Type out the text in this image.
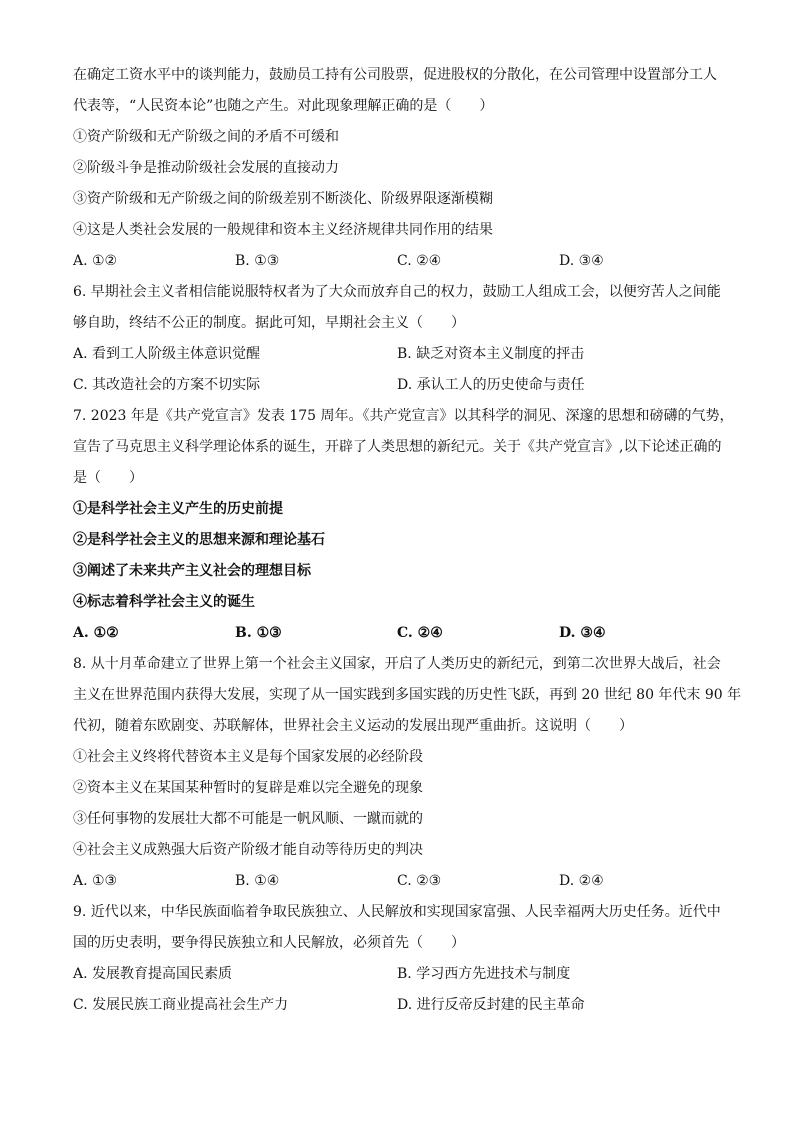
在确定工资水平中的谈判能力，鼓励员工持有公司股票，促进股权的分散化，在公司管理中设置部分工人
代表等，“人民资本论”也随之产生。对此现象理解正确的是（　　）
①资产阶级和无产阶级之间的矛盾不可缓和
②阶级斗争是推动阶级社会发展的直接动力
③资产阶级和无产阶级之间的阶级差别不断淡化、阶级界限逐渐模糊
④这是人类社会发展的一般规律和资本主义经济规律共同作用的结果
A. ①②	B. ①③	C. ②④	D. ③④
6. 早期社会主义者相信能说服特权者为了大众而放弃自己的权力，鼓励工人组成工会，以便穷苦人之间能
够自助，终结不公正的制度。据此可知，早期社会主义（　　）
A. 看到工人阶级主体意识觉醒	B. 缺乏对资本主义制度的抨击
C. 其改造社会的方案不切实际	D. 承认工人的历史使命与责任
7. 2023 年是《共产党宣言》发表 175 周年。《共产党宣言》以其科学的洞见、深邃的思想和磅礴的气势，
宣告了马克思主义科学理论体系的诞生，开辟了人类思想的新纪元。关于《共产党宣言》,以下论述正确的
是（　　）
①是科学社会主义产生的历史前提
②是科学社会主义的思想来源和理论基石
③阐述了未来共产主义社会的理想目标
④标志着科学社会主义的诞生
A. ①②	B. ①③	C. ②④	D. ③④
8. 从十月革命建立了世界上第一个社会主义国家，开启了人类历史的新纪元，到第二次世界大战后，社会
主义在世界范围内获得大发展，实现了从一国实践到多国实践的历史性飞跃，再到 20 世纪 80 年代末 90 年
代初，随着东欧剧变、苏联解体，世界社会主义运动的发展出现严重曲折。这说明（　　）
①社会主义终将代替资本主义是每个国家发展的必经阶段
②资本主义在某国某种暂时的复辟是难以完全避免的现象
③任何事物的发展壮大都不可能是一帆风顺、一蹴而就的
④社会主义成熟强大后资产阶级才能自动等待历史的判决
A. ①③	B. ①④	C. ②③	D. ②④
9. 近代以来，中华民族面临着争取民族独立、人民解放和实现国家富强、人民幸福两大历史任务。近代中
国的历史表明，要争得民族独立和人民解放，必须首先（　　）
A. 发展教育提高国民素质	B. 学习西方先进技术与制度
C. 发展民族工商业提高社会生产力	D. 进行反帝反封建的民主革命
